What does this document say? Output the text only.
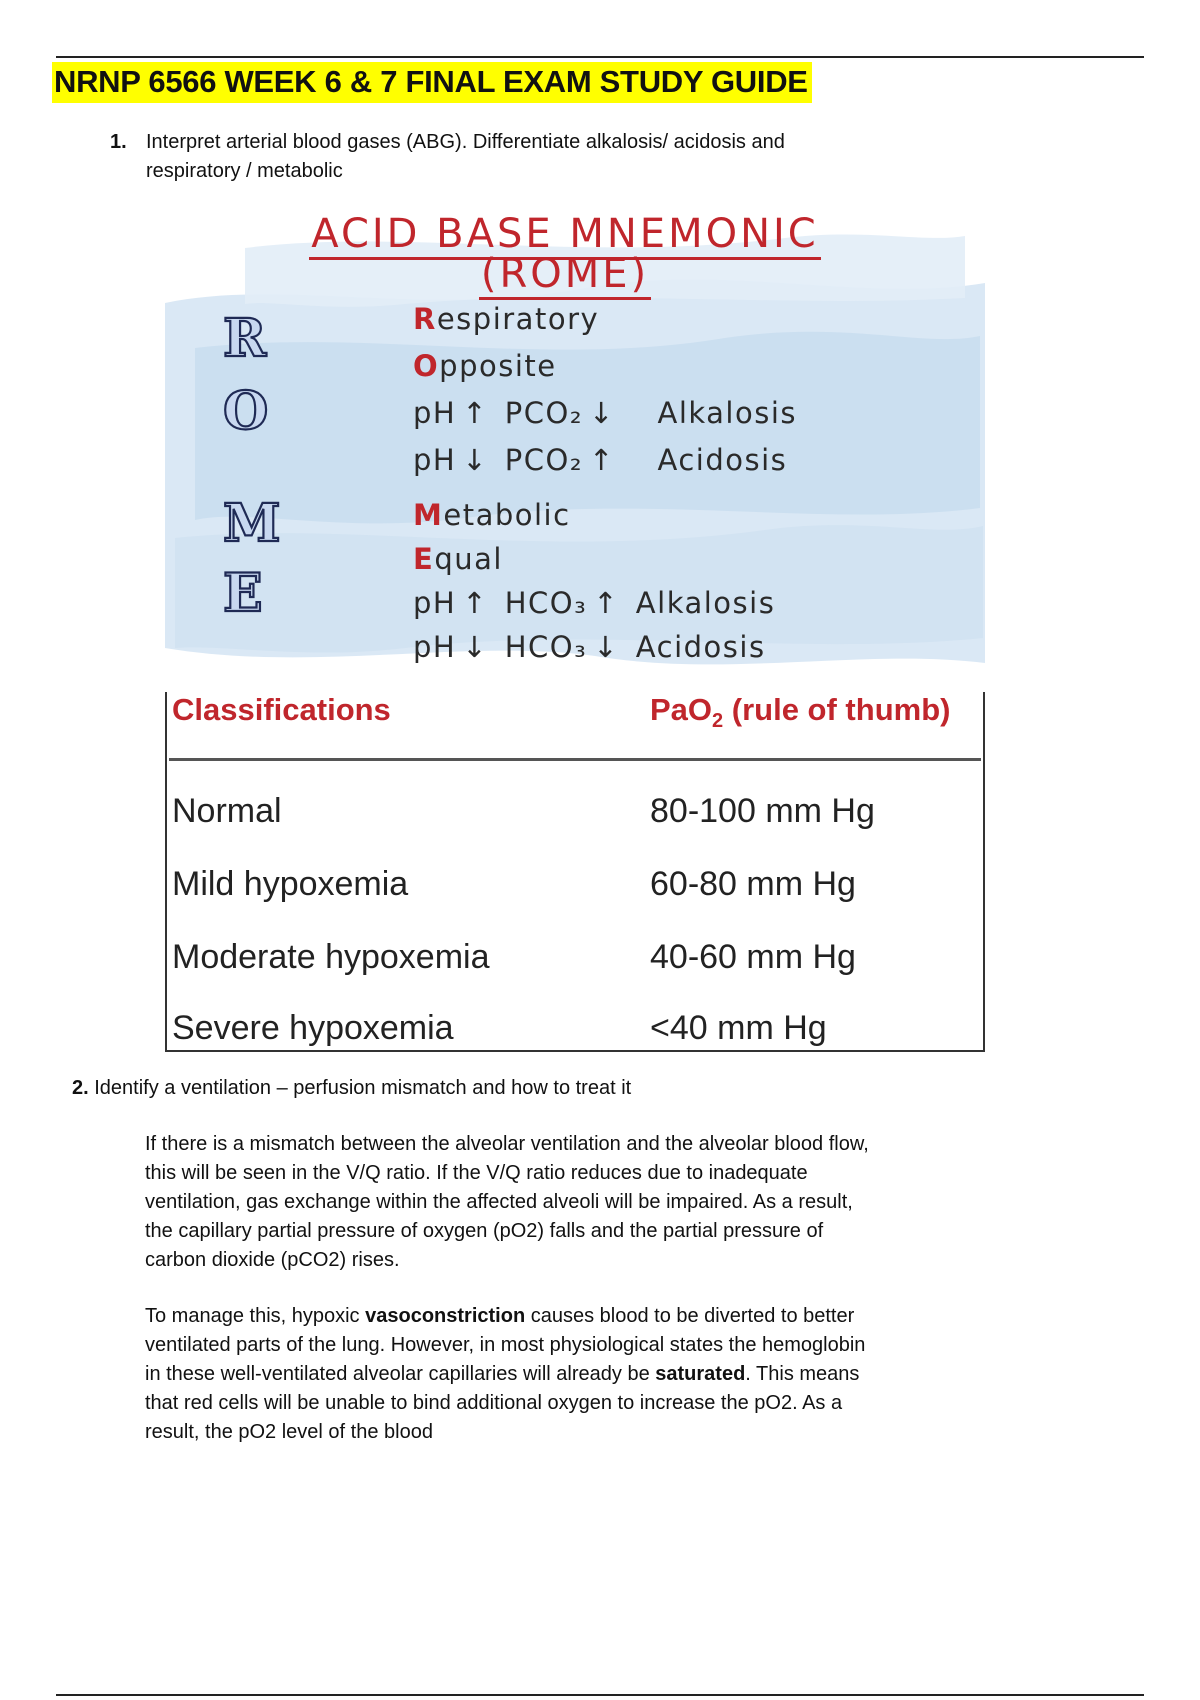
NRNP 6566 WEEK 6 & 7 FINAL EXAM STUDY GUIDE
1. Interpret arterial blood gases (ABG). Differentiate alkalosis/ acidosis and respiratory / metabolic
ACID BASE MNEMONIC
(ROME)
R
O
M
E
Respiratory
Opposite
pH ↑ PCO₂ ↓ Alkalosis
pH ↓ PCO₂ ↑ Acidosis
Metabolic
Equal
pH ↑ HCO₃ ↑ Alkalosis
pH ↓ HCO₃ ↓ Acidosis
Classifications	PaO$_2$ (rule of thumb)
Normal	80-100 mm Hg
Mild hypoxemia	60-80 mm Hg
Moderate hypoxemia	40-60 mm Hg
Severe hypoxemia	<40 mm Hg
2. Identify a ventilation – perfusion mismatch and how to treat it

If there is a mismatch between the alveolar ventilation and the alveolar blood flow, this will be seen in the V/Q ratio. If the V/Q ratio reduces due to inadequate ventilation, gas exchange within the affected alveoli will be impaired. As a result, the capillary partial pressure of oxygen (pO2) falls and the partial pressure of carbon dioxide (pCO2) rises.

To manage this, hypoxic vasoconstriction causes blood to be diverted to better ventilated parts of the lung. However, in most physiological states the hemoglobin in these well-ventilated alveolar capillaries will already be saturated. This means that red cells will be unable to bind additional oxygen to increase the pO2. As a result, the pO2 level of the blood
